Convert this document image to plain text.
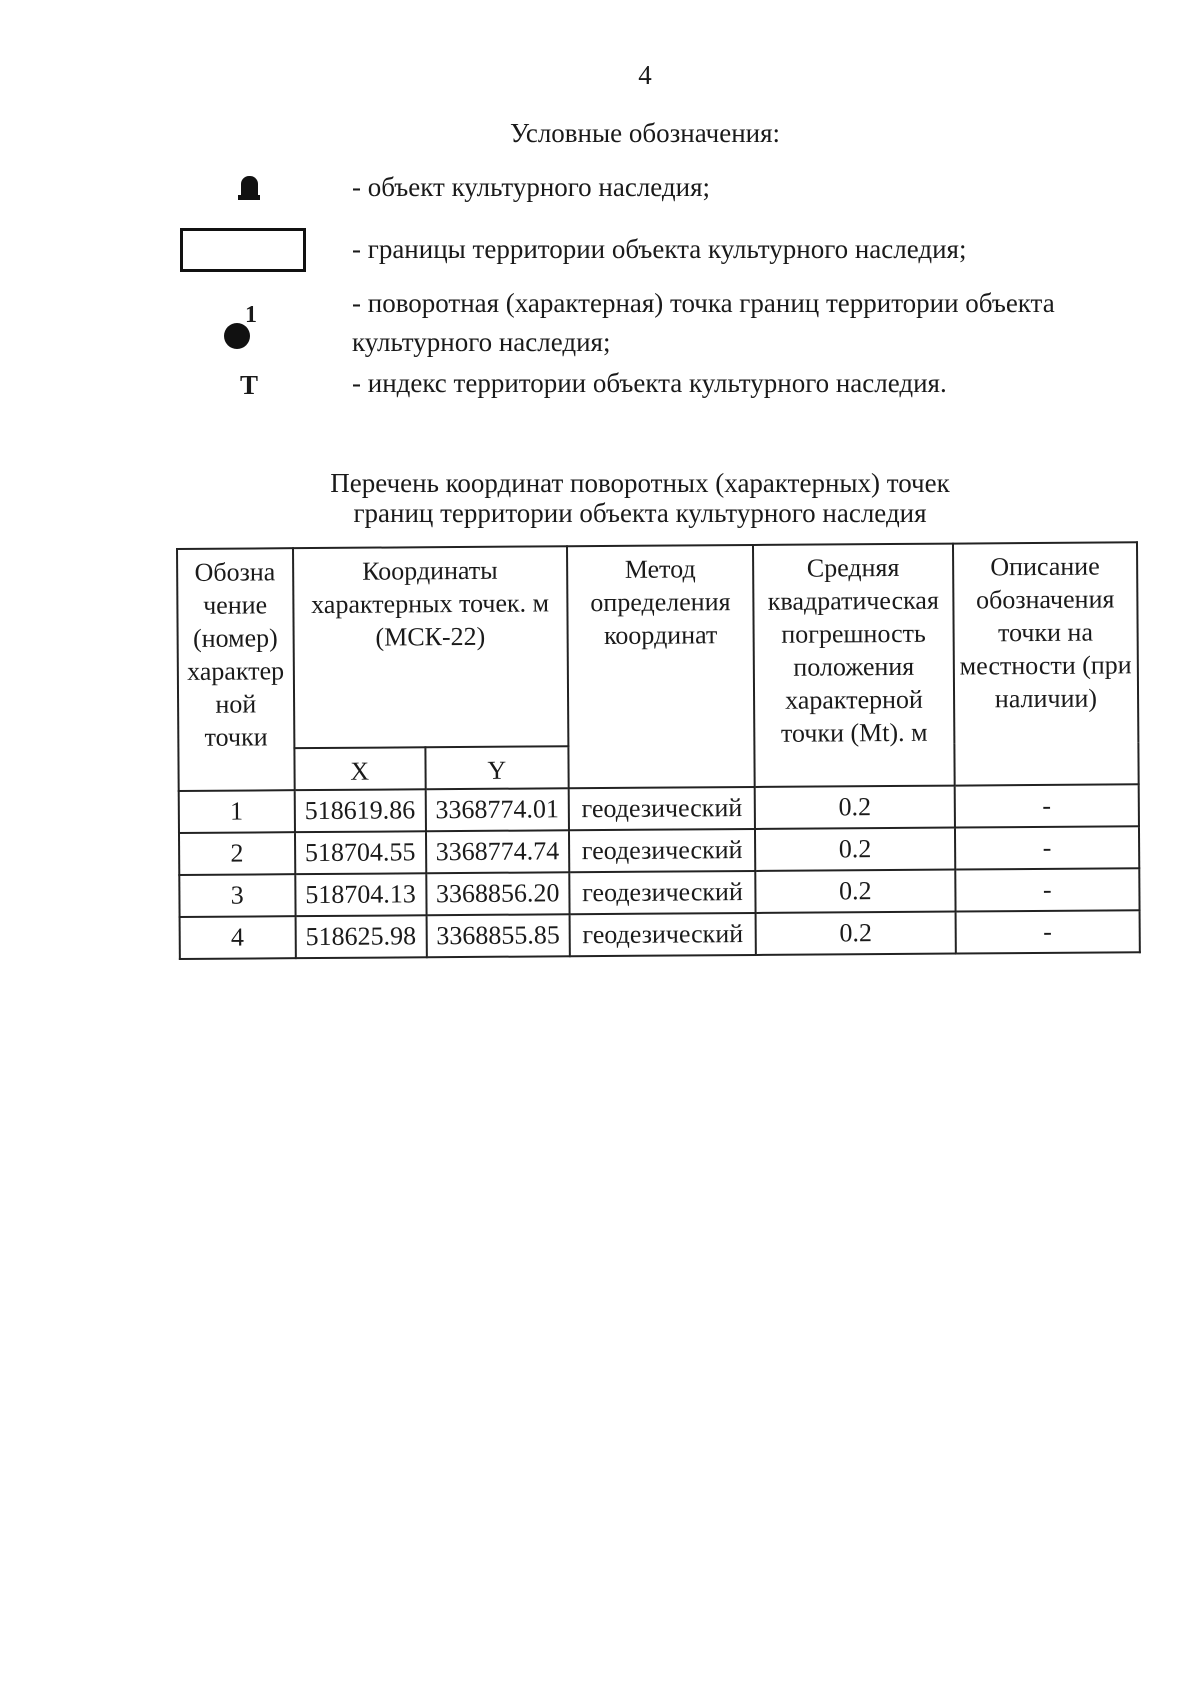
4
Условные обозначения:
- объект культурного наследия;
- границы территории объекта культурного наследия;
1	- поворотная (характерная) точка границ территории объекта культурного наследия;
Т	- индекс территории объекта культурного наследия.
Перечень координат поворотных (характерных) точек
границ территории объекта культурного наследия
Обозна чение (номер) характер ной точки	Координаты характерных точек. м (МСК-22)		Метод определения координат	Средняя квадратическая погрешность положения характерной точки (Mt). м	Описание обозначения точки на местности (при наличии)
	X	Y			
1	518619.86	3368774.01	геодезический	0.2	-
2	518704.55	3368774.74	геодезический	0.2	-
3	518704.13	3368856.20	геодезический	0.2	-
4	518625.98	3368855.85	геодезический	0.2	-
